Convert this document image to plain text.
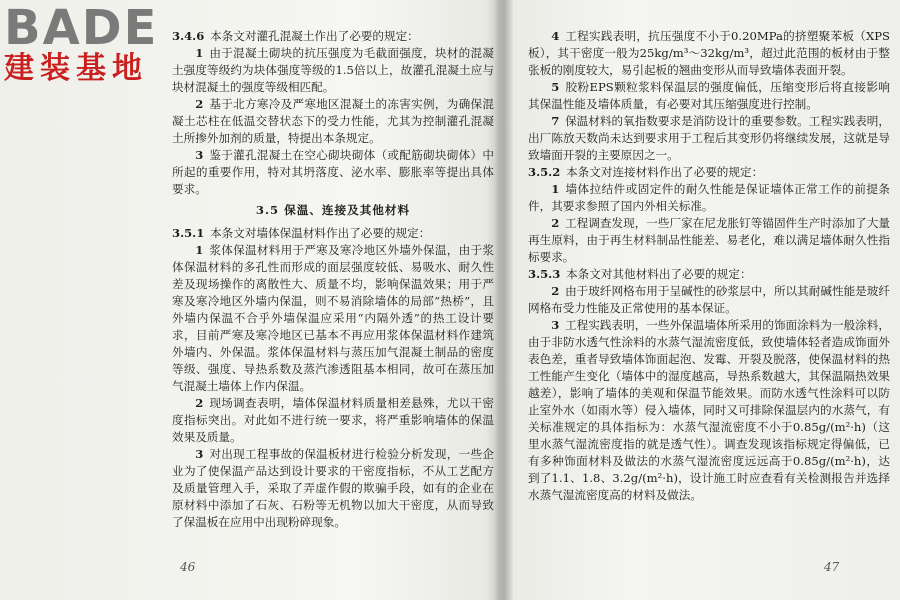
3.4.6  本条文对灌孔混凝土作出了必要的规定：

1  由于混凝土砌块的抗压强度为毛截面强度，块材的混凝土强度等级约为块体强度等级的1.5倍以上，故灌孔混凝土应与块材混凝土的强度等级相匹配。

2  基于北方寒冷及严寒地区混凝土的冻害实例，为确保混凝土芯柱在低温交替状态下的受力性能，尤其为控制灌孔混凝土所掺外加剂的质量，特提出本条规定。

3  鉴于灌孔混凝土在空心砌块砌体（或配筋砌块砌体）中所起的重要作用，特对其坍落度、泌水率、膨胀率等提出具体要求。

3.5 保温、连接及其他材料

3.5.1  本条文对墙体保温材料作出了必要的规定：

1  浆体保温材料用于严寒及寒冷地区外墙外保温，由于浆体保温材料的多孔性而形成的面层强度较低、易吸水、耐久性差及现场操作的离散性大、质量不均，影响保温效果；用于严寒及寒冷地区外墙内保温，则不易消除墙体的局部“热桥”，且外墙内保温不合乎外墙保温应采用“内隔外透”的热工设计要求，目前严寒及寒冷地区已基本不再应用浆体保温材料作建筑外墙内、外保温。浆体保温材料与蒸压加气混凝土制品的密度等级、强度、导热系数及蒸汽渗透阻基本相同，故可在蒸压加气混凝土墙体上作内保温。

2  现场调查表明，墙体保温材料质量相差悬殊，尤以干密度指标突出。对此如不进行统一要求，将严重影响墙体的保温效果及质量。

3  对出现工程事故的保温板材进行检验分析发现，一些企业为了使保温产品达到设计要求的干密度指标，不从工艺配方及质量管理入手，采取了弄虚作假的欺骗手段，如有的企业在原材料中添加了石灰、石粉等无机物以加大干密度，从而导致了保温板在应用中出现粉碎现象。

46

4  工程实践表明，抗压强度不小于0.20MPa的挤塑聚苯板（XPS板），其干密度一般为25kg/m³～32kg/m³，超过此范围的板材由于整张板的刚度较大，易引起板的翘曲变形从而导致墙体表面开裂。

5  胶粉EPS颗粒浆料保温层的强度偏低，压缩变形后将直接影响其保温性能及墙体质量，有必要对其压缩强度进行控制。

7  保温材料的氧指数要求是消防设计的重要参数。工程实践表明，出厂陈放天数尚未达到要求用于工程后其变形仍将继续发展，这就是导致墙面开裂的主要原因之一。

3.5.2  本条文对连接材料作出了必要的规定：

1  墙体拉结件或固定件的耐久性能是保证墙体正常工作的前提条件，其要求参照了国内外相关标准。

2  工程调查发现，一些厂家在尼龙胀钉等锚固件生产时添加了大量再生原料，由于再生材料制品性能差、易老化，难以满足墙体耐久性指标要求。

3.5.3  本条文对其他材料出了必要的规定：

2  由于玻纤网格布用于呈碱性的砂浆层中，所以其耐碱性能是玻纤网格布受力性能及正常使用的基本保证。

3  工程实践表明，一些外保温墙体所采用的饰面涂料为一般涂料，由于非防水透气性涂料的水蒸气湿流密度低，致使墙体轻者造成饰面外表色差，重者导致墙体饰面起泡、发霉、开裂及脱落，使保温材料的热工性能产生变化（墙体中的湿度越高，导热系数越大，其保温隔热效果越差），影响了墙体的美观和保温节能效果。而防水透气性涂料可以防止室外水（如雨水等）侵入墙体，同时又可排除保温层内的水蒸气，有关标准规定的具体指标为：水蒸气湿流密度不小于0.85g/(m²·h)（这里水蒸气湿流密度指的就是透气性）。调查发现该指标规定得偏低，已有多种饰面材料及做法的水蒸气湿流密度远远高于0.85g/(m²·h)，达到了1.1、1.8、3.2g/(m²·h)，设计施工时应查看有关检测报告并选择水蒸气湿流密度高的材料及做法。

47
BADE
建装基地
